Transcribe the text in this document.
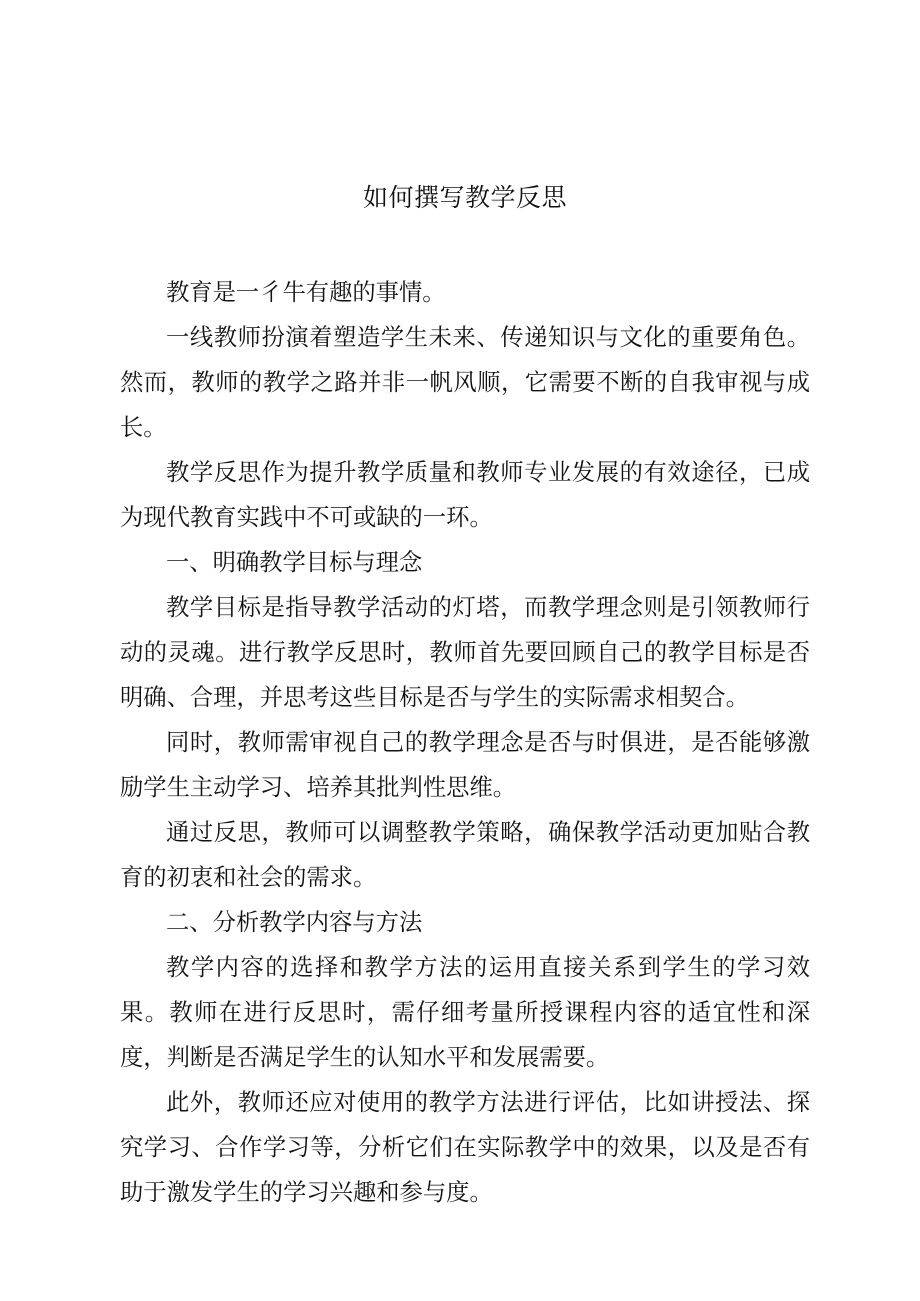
如何撰写教学反思

教育是一彳牛有趣的事情。

一线教师扮演着塑造学生未来、传递知识与文化的重要角色。然而，教师的教学之路并非一帆风顺，它需要不断的自我审视与成长。

教学反思作为提升教学质量和教师专业发展的有效途径，已成为现代教育实践中不可或缺的一环。

一、明确教学目标与理念

教学目标是指导教学活动的灯塔，而教学理念则是引领教师行动的灵魂。进行教学反思时，教师首先要回顾自己的教学目标是否明确、合理，并思考这些目标是否与学生的实际需求相契合。

同时，教师需审视自己的教学理念是否与时俱进，是否能够激励学生主动学习、培养其批判性思维。

通过反思，教师可以调整教学策略，确保教学活动更加贴合教育的初衷和社会的需求。

二、分析教学内容与方法

教学内容的选择和教学方法的运用直接关系到学生的学习效果。教师在进行反思时，需仔细考量所授课程内容的适宜性和深度，判断是否满足学生的认知水平和发展需要。

此外，教师还应对使用的教学方法进行评估，比如讲授法、探究学习、合作学习等，分析它们在实际教学中的效果，以及是否有助于激发学生的学习兴趣和参与度。
